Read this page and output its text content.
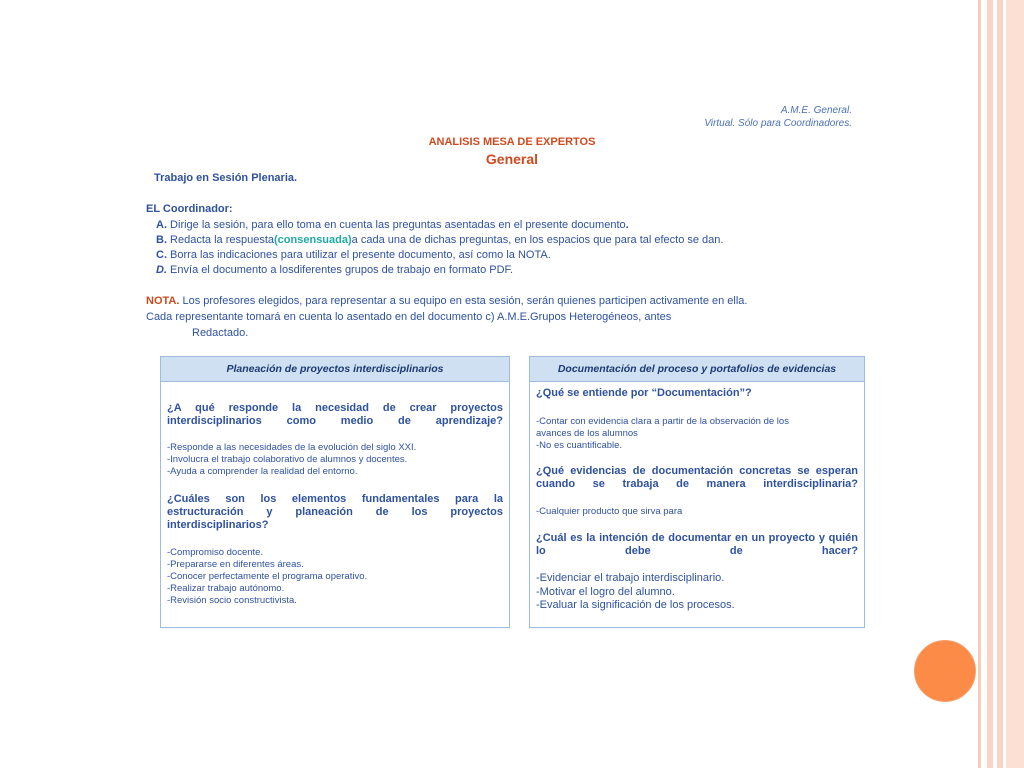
A.M.E. General.
Virtual. Sólo para Coordinadores.
ANALISIS MESA DE EXPERTOS
General
Trabajo en Sesión Plenaria.
EL Coordinador:
A. Dirige la sesión, para ello toma en cuenta las preguntas asentadas en el presente documento.
B. Redacta la respuesta(consensuada)a cada una de dichas preguntas, en los espacios que para tal efecto se dan.
C. Borra las indicaciones para utilizar el presente documento, así como la NOTA.
D. Envía el documento a losdiferentes grupos de trabajo en formato PDF.
NOTA. Los profesores elegidos, para representar a su equipo en esta sesión, serán quienes participen activamente en ella.
Cada representante tomará en cuenta lo asentado en del documento c) A.M.E.Grupos Heterogéneos, antes
Redactado.
Planeación de proyectos interdisciplinarios
¿A qué responde la necesidad de crear proyectos interdisciplinarios como medio de aprendizaje?
-Responde a las necesidades de la evolución del siglo XXI.
-Involucra el trabajo colaborativo de alumnos y docentes.
-Ayuda a comprender la realidad del entorno.
¿Cuáles son los elementos fundamentales para la estructuración y planeación de los proyectos interdisciplinarios?
-Compromiso docente.
-Prepararse en diferentes áreas.
-Conocer perfectamente el programa operativo.
-Realizar trabajo autónomo.
-Revisión socio constructivista.
Documentación del proceso y portafolios de evidencias
¿Qué se entiende por “Documentación”?
-Contar con evidencia clara a partir de la observación de los
avances de los alumnos
-No es cuantificable.
¿Qué evidencias de documentación concretas se esperan cuando se trabaja de manera interdisciplinaria?
-Cualquier producto que sirva para
¿Cuál es la intención de documentar en un proyecto y quién lo debe de hacer?
-Evidenciar el trabajo interdisciplinario.
-Motivar el logro del alumno.
-Evaluar la significación de los procesos.
